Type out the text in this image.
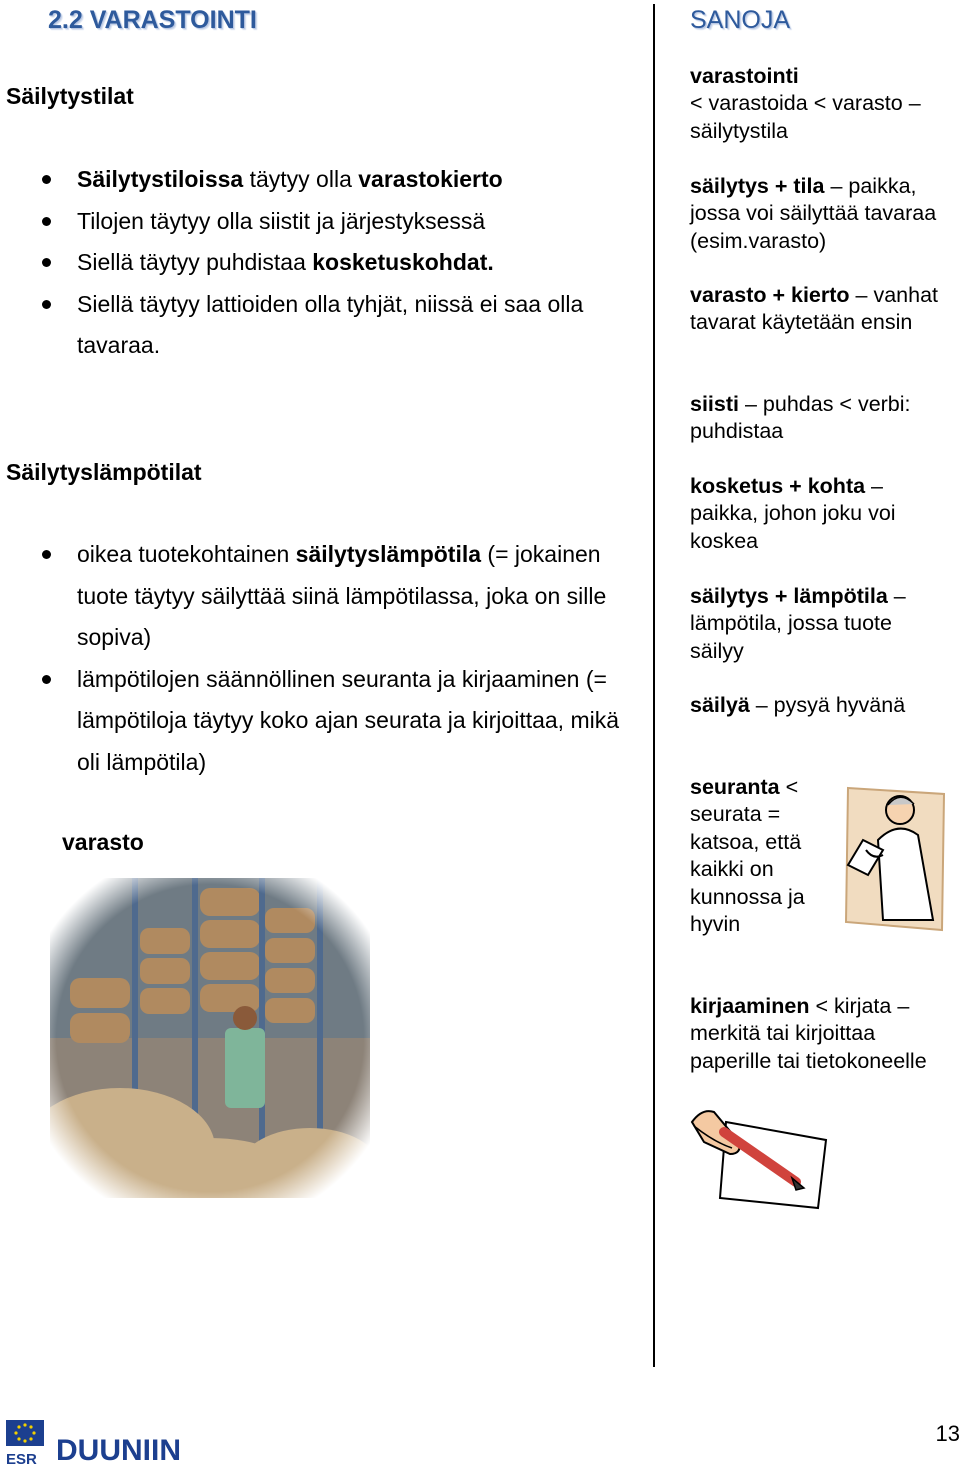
2.2 VARASTOINTI	SANOJA
Säilytystilat
Säilytystiloissa täytyy olla varastokierto
Tilojen täytyy olla siistit ja järjestyksessä
Siellä täytyy puhdistaa kosketuskohdat.
Siellä täytyy lattioiden olla tyhjät, niissä ei saa olla tavaraa.
Säilytyslämpötilat
oikea tuotekohtainen säilytyslämpötila (= jokainen tuote täytyy säilyttää siinä lämpötilassa, joka on sille sopiva)
lämpötilojen säännöllinen seuranta ja kirjaaminen (= lämpötiloja täytyy koko ajan seurata ja kirjoittaa, mikä oli lämpötila)
varasto
varastointi
< varastoida < varasto – säilytystila
säilytys + tila – paikka, jossa voi säilyttää tavaraa (esim.varasto)
varasto + kierto – vanhat tavarat käytetään ensin
siisti – puhdas < verbi: puhdistaa
kosketus + kohta – paikka, johon joku voi koskea
säilytys + lämpötila – lämpötila, jossa tuote säilyy
säilyä – pysyä hyvänä
seuranta < seurata = katsoa, että kaikki on kunnossa ja hyvin
kirjaaminen < kirjata – merkitä tai kirjoittaa paperille tai tietokoneelle
ESR DUUNIIN
13
